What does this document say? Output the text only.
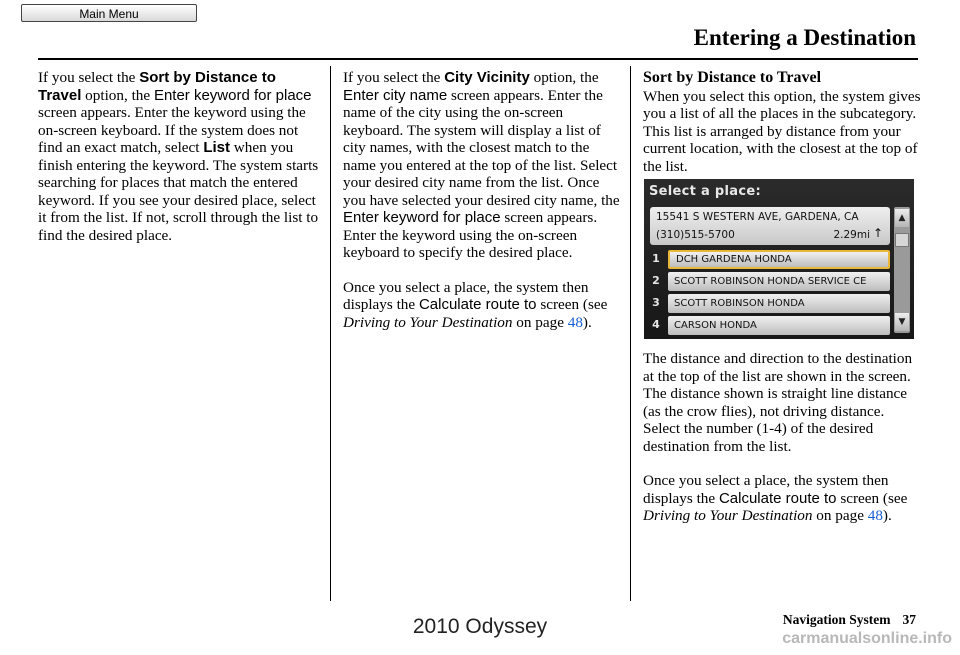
Main Menu
Entering a Destination

If you select the Sort by Distance to Travel option, the Enter keyword for place screen appears. Enter the keyword using the on-screen keyboard. If the system does not find an exact match, select List when you finish entering the keyword. The system starts searching for places that match the entered keyword. If you see your desired place, select it from the list. If not, scroll through the list to find the desired place.

If you select the City Vicinity option, the Enter city name screen appears. Enter the name of the city using the on-screen keyboard. The system will display a list of city names, with the closest match to the name you entered at the top of the list. Select your desired city name from the list. Once you have selected your desired city name, the Enter keyword for place screen appears. Enter the keyword using the on-screen keyboard to specify the desired place.

Once you select a place, the system then displays the Calculate route to screen (see Driving to Your Destination on page 48).

Sort by Distance to Travel

When you select this option, the system gives you a list of all the places in the subcategory. This list is arranged by distance from your current location, with the closest at the top of the list.

The distance and direction to the destination at the top of the list are shown in the screen. The distance shown is straight line distance (as the crow flies), not driving distance. Select the number (1-4) of the desired destination from the list.

Once you select a place, the system then displays the Calculate route to screen (see Driving to Your Destination on page 48).

Select a place:
15541 S WESTERN AVE, GARDENA, CA
(310)515-5700	2.29mi ↑
1	DCH GARDENA HONDA
2	SCOTT ROBINSON HONDA SERVICE CE
3	SCOTT ROBINSON HONDA
4	CARSON HONDA
▲
▼
Navigation System 37
2010 Odyssey
carmanualsonline.info
